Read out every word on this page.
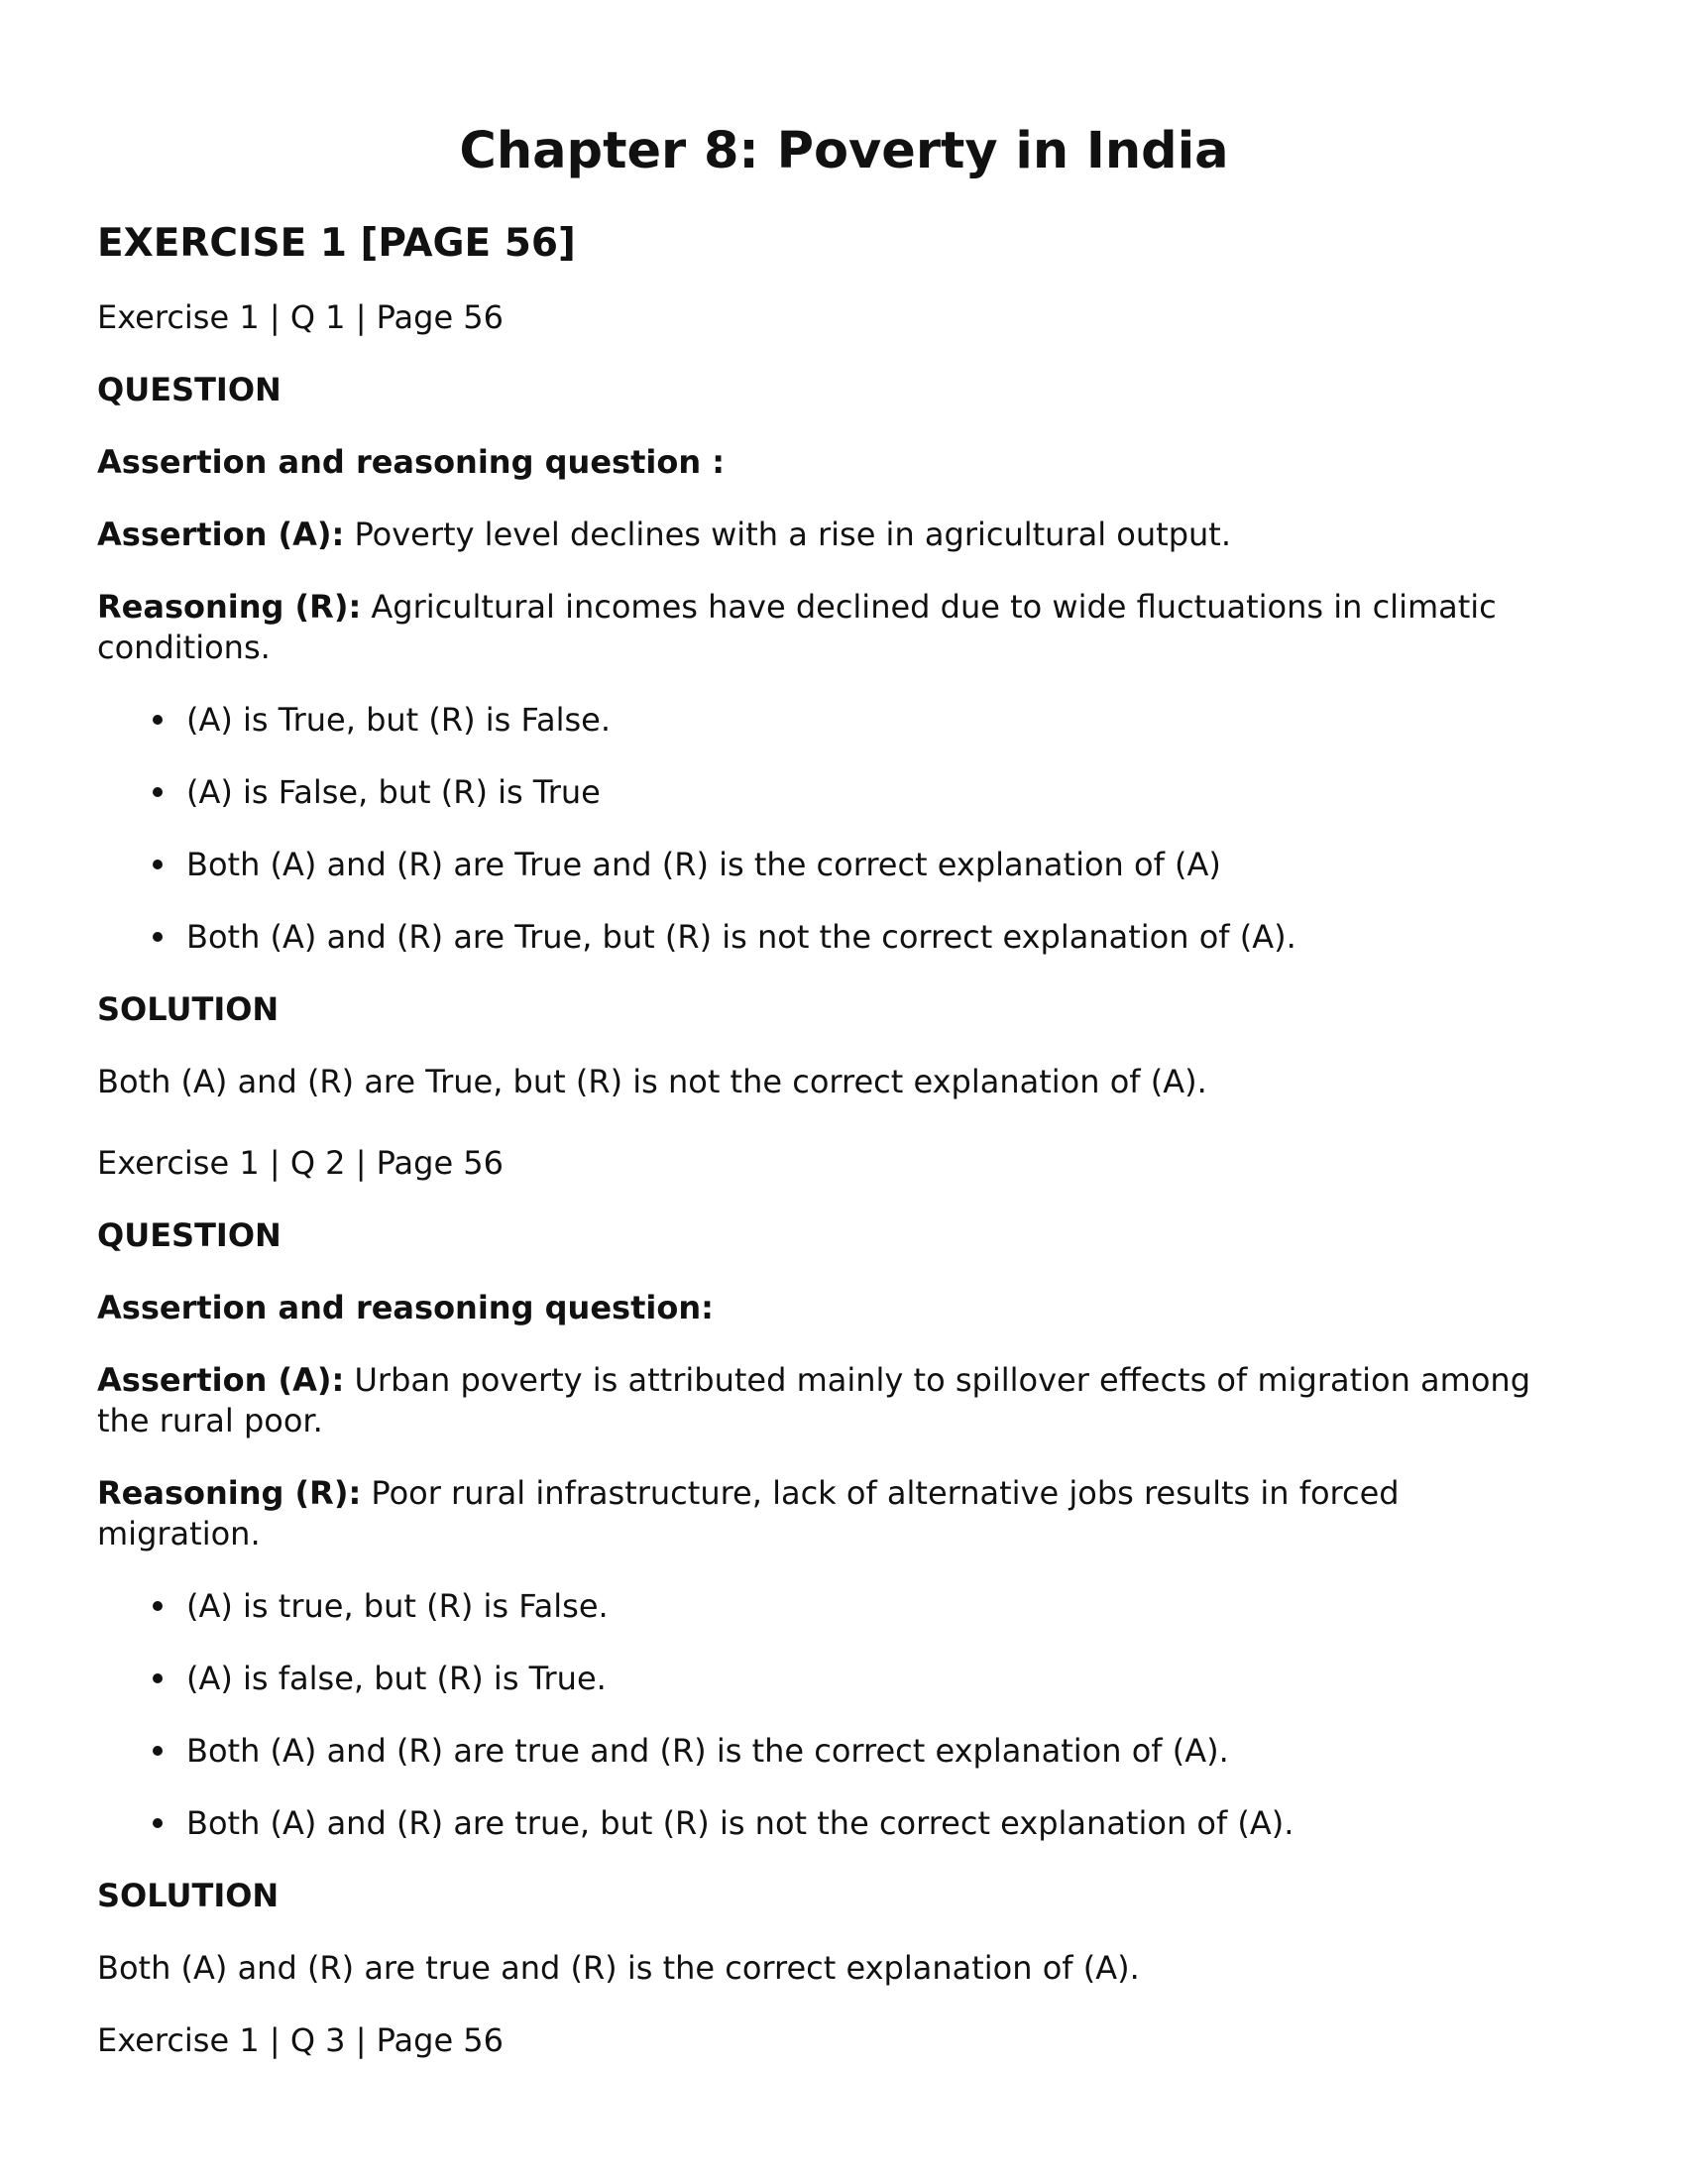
Chapter 8: Poverty in India
EXERCISE 1 [PAGE 56]

Exercise 1 | Q 1 | Page 56

QUESTION

Assertion and reasoning question :

Assertion (A): Poverty level declines with a rise in agricultural output.

Reasoning (R): Agricultural incomes have declined due to wide fluctuations in climatic conditions.

(A) is True, but (R) is False.
(A) is False, but (R) is True
Both (A) and (R) are True and (R) is the correct explanation of (A)
Both (A) and (R) are True, but (R) is not the correct explanation of (A).

SOLUTION

Both (A) and (R) are True, but (R) is not the correct explanation of (A).

Exercise 1 | Q 2 | Page 56

QUESTION

Assertion and reasoning question:

Assertion (A): Urban poverty is attributed mainly to spillover effects of migration among the rural poor.

Reasoning (R): Poor rural infrastructure, lack of alternative jobs results in forced migration.

(A) is true, but (R) is False.
(A) is false, but (R) is True.
Both (A) and (R) are true and (R) is the correct explanation of (A).
Both (A) and (R) are true, but (R) is not the correct explanation of (A).

SOLUTION

Both (A) and (R) are true and (R) is the correct explanation of (A).

Exercise 1 | Q 3 | Page 56
